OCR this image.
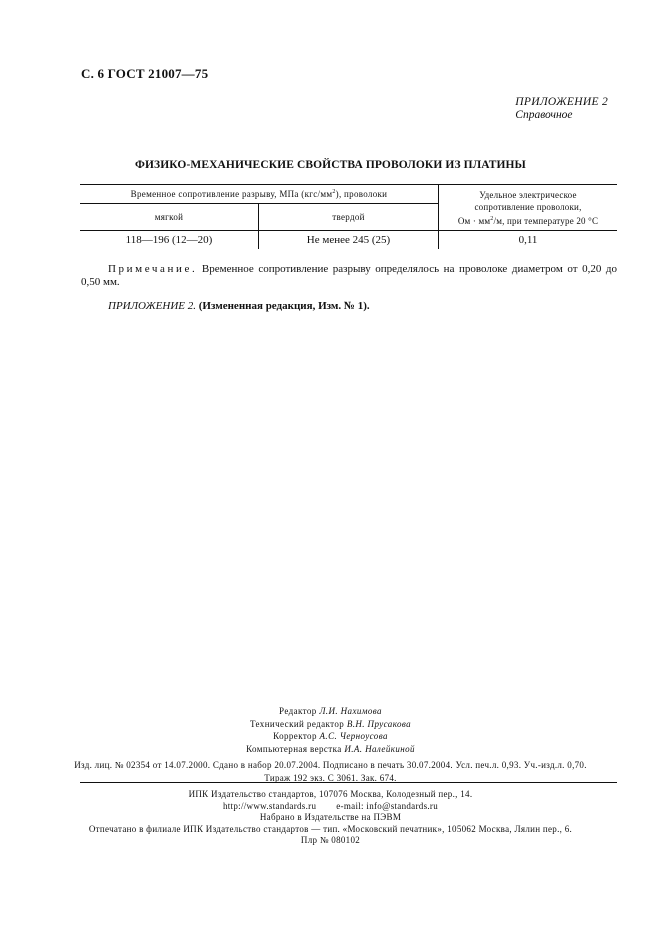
С. 6 ГОСТ 21007—75
ПРИЛОЖЕНИЕ 2
Справочное
ФИЗИКО-МЕХАНИЧЕСКИЕ СВОЙСТВА ПРОВОЛОКИ ИЗ ПЛАТИНЫ
Временное сопротивление разрыву, МПа $(кгс/мм^2)$, проволоки		Удельное электрическое
сопротивление проволоки,
Ом · $мм^2/м$, при температуре 20 °С

мягкой	твердой	
118—196 (12—20)	Не менее 245 (25)	0,11
Примечание. Временное сопротивление разрыву определялось на проволоке диаметром от 0,20 до 0,50 мм.
ПРИЛОЖЕНИЕ 2. (Измененная редакция, Изм. № 1).
Редактор Л.И. Нахимова
Технический редактор В.Н. Прусакова
Корректор А.С. Черноусова
Компьютерная верстка И.А. Налейкиной
Изд. лиц. № 02354 от 14.07.2000. Сдано в набор 20.07.2004. Подписано в печать 30.07.2004. Усл. печ.л. 0,93. Уч.-изд.л. 0,70.
Тираж 192 экз. С 3061. Зак. 674.
ИПК Издательство стандартов, 107076 Москва, Колодезный пер., 14.
http://www.standards.ru e-mail: info@standards.ru
Набрано в Издательстве на ПЭВМ
Отпечатано в филиале ИПК Издательство стандартов — тип. «Московский печатник», 105062 Москва, Лялин пер., 6.
Плр № 080102
